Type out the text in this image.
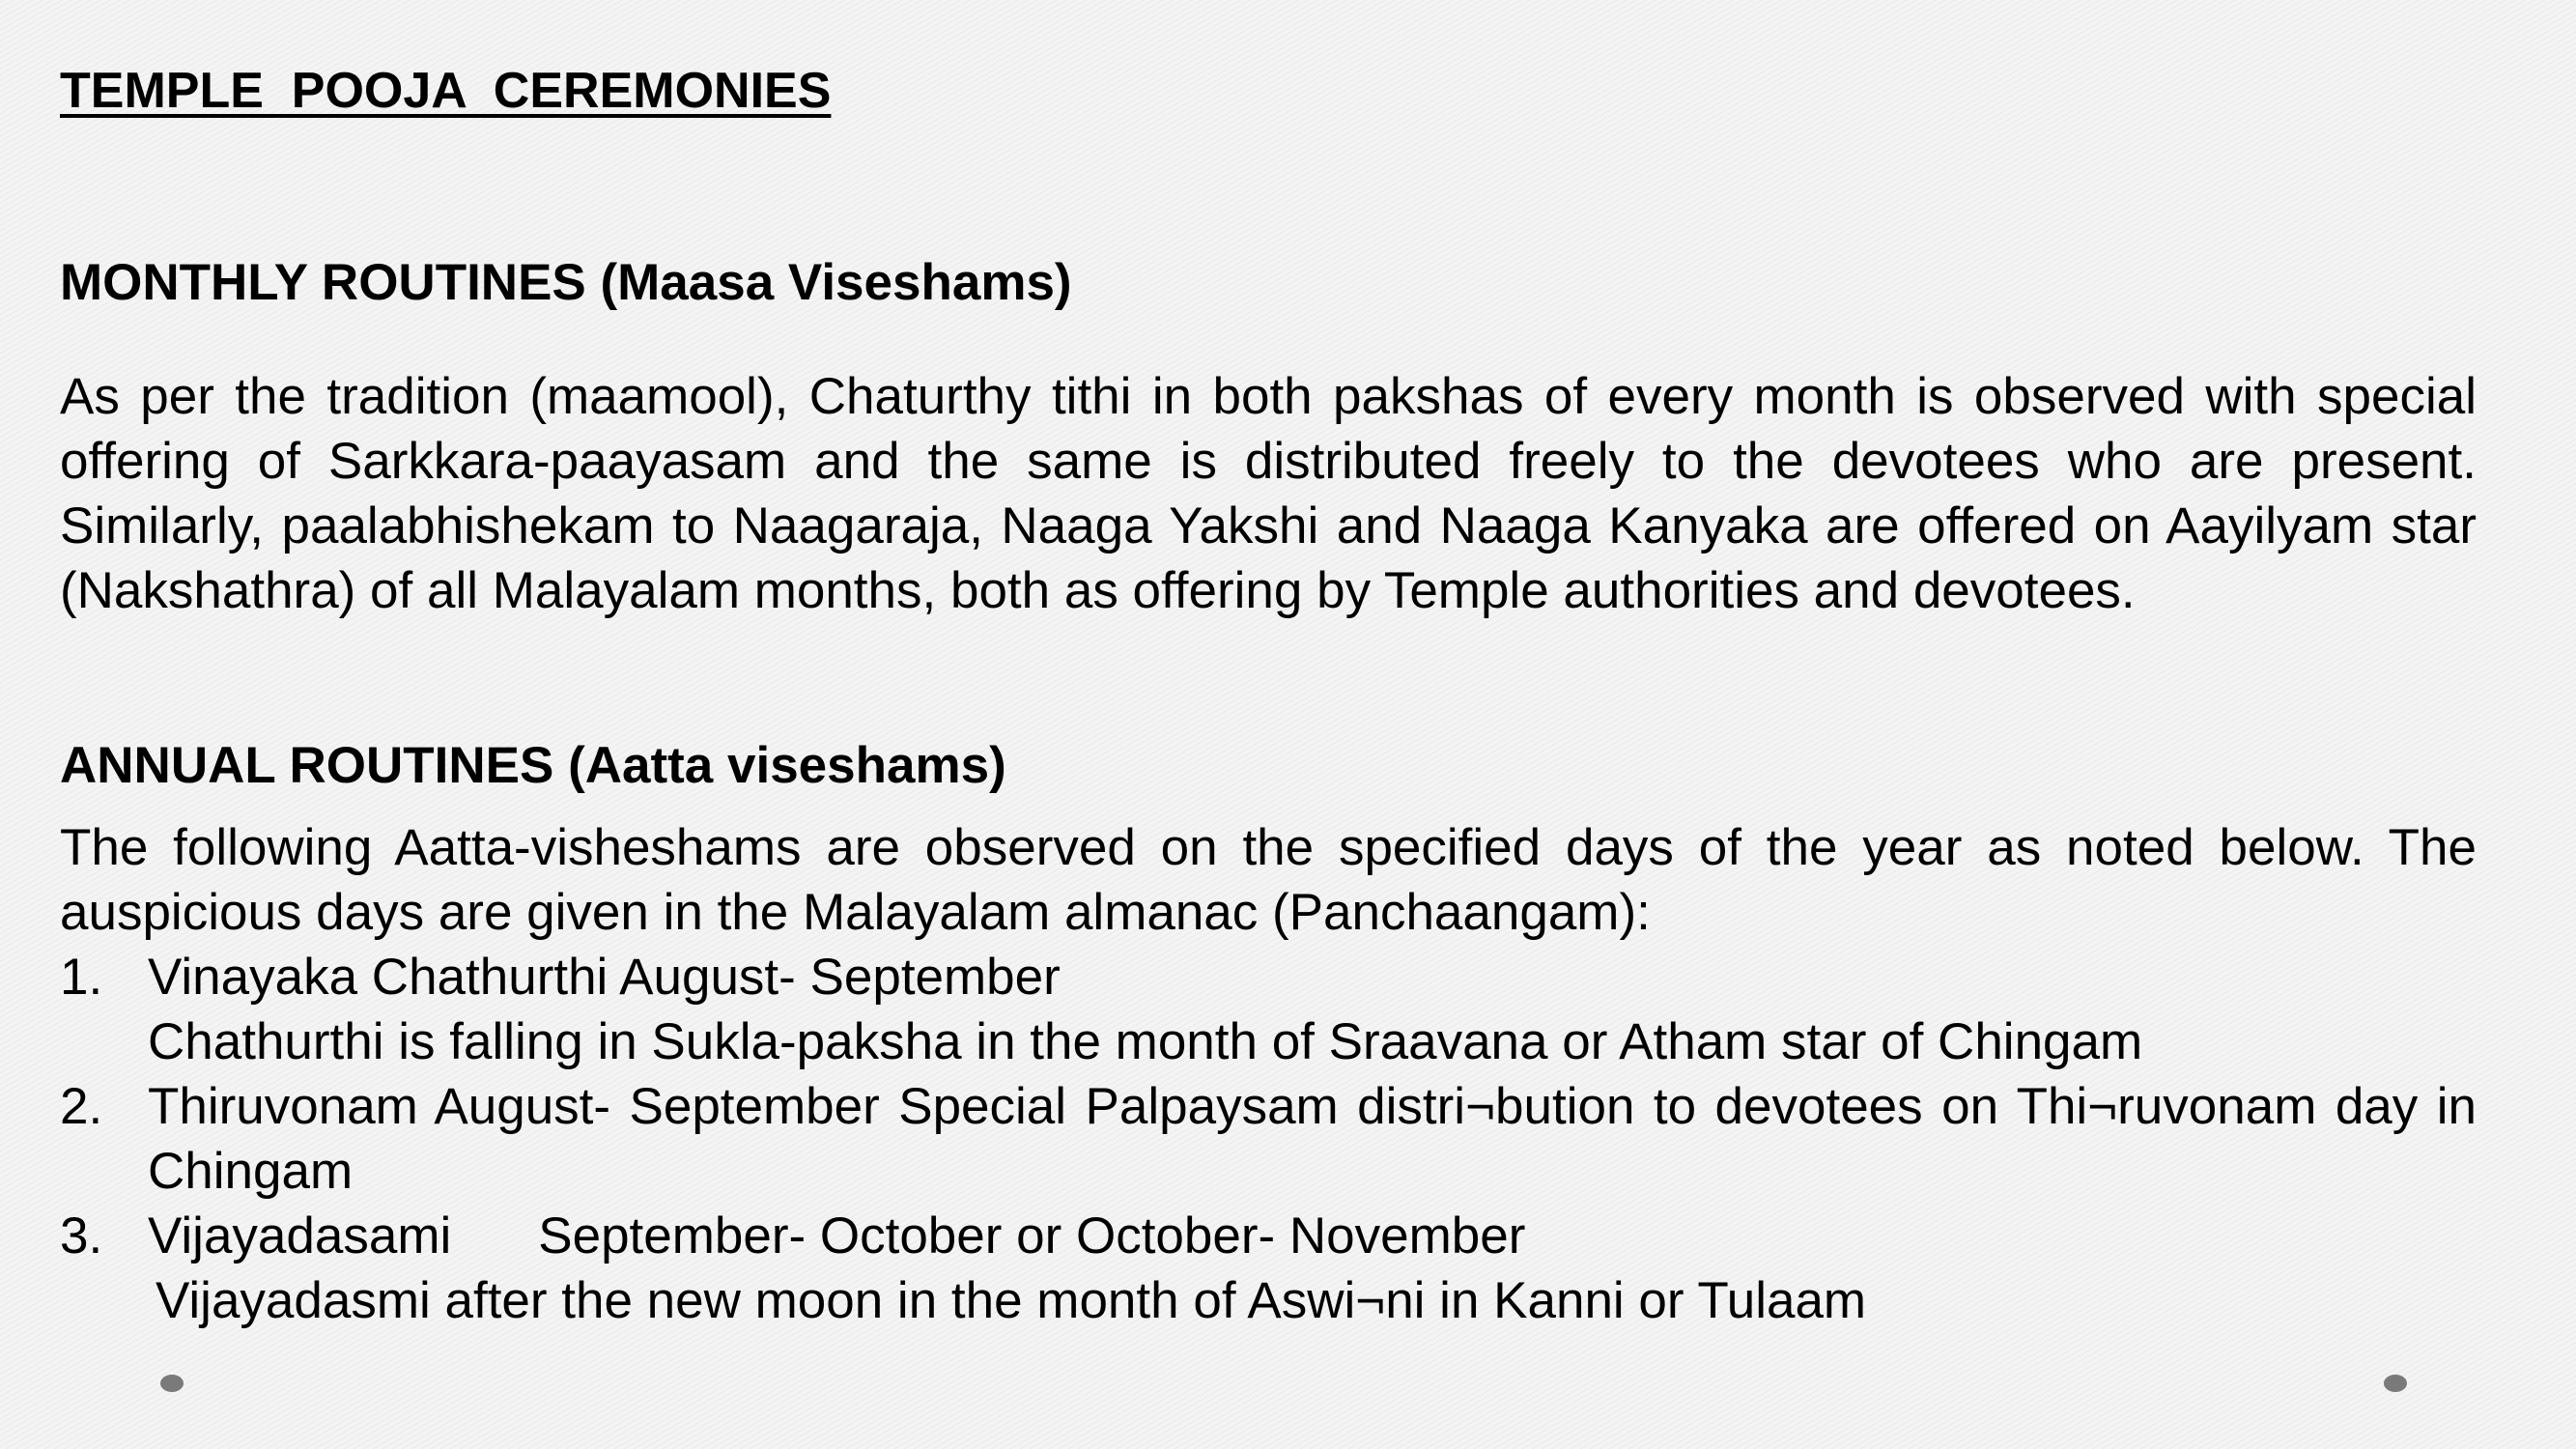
TEMPLE  POOJA  CEREMONIES
MONTHLY ROUTINES (Maasa Viseshams)

As per the tradition (maamool), Chaturthy tithi in both pakshas of every month is observed with special offering of Sarkkara-paayasam and the same is distributed freely to the devotees who are present. Similarly, paalabhishekam to Naagaraja, Naaga Yakshi and Naaga Kanyaka are offered on Aayilyam star (Nakshathra) of all Malayalam months, both as offering by Temple authorities and devotees.

ANNUAL ROUTINES (Aatta viseshams)

The following Aatta-visheshams are observed on the specified days of the year as noted below. The auspicious days are given in the Malayalam almanac (Panchaangam):

1. Vinayaka Chathurthi August- September
Chathurthi is falling in Sukla-paksha in the month of Sraavana or Atham star of Chingam
2. Thiruvonam August- September Special Palpaysam distri¬bution to devotees on Thi¬ruvonam day in Chingam
3. Vijayadasami September- October or October- November
Vijayadasmi after the new moon in the month of Aswi¬ni in Kanni or Tulaam
